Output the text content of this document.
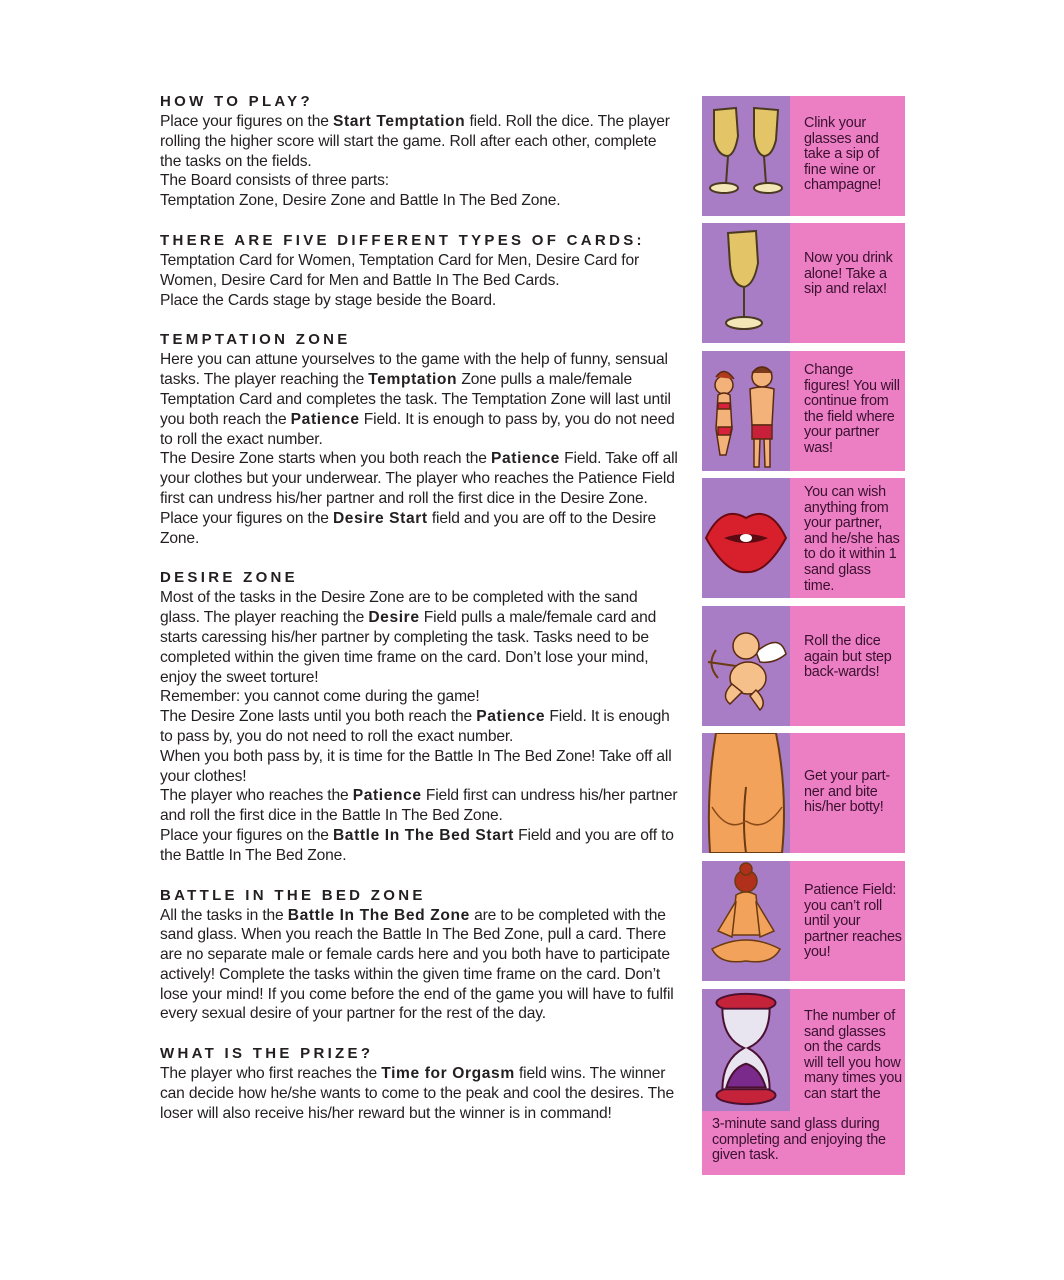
HOW TO PLAY?

Place your figures on the Start Temptation field. Roll the dice. The player rolling the higher score will start the game. Roll after each other, complete the tasks on the fields.

The Board consists of three parts:

Temptation Zone, Desire Zone and Battle In The Bed Zone.

THERE ARE FIVE DIFFERENT TYPES OF CARDS:

Temptation Card for Women, Temptation Card for Men, Desire Card for Women, Desire Card for Men and Battle In The Bed Cards.

Place the Cards stage by stage beside the Board.

TEMPTATION ZONE

Here you can attune yourselves to the game with the help of funny, sensual tasks. The player reaching the Temptation Zone pulls a male/female Temptation Card and completes the task. The Temptation Zone will last until you both reach the Patience Field. It is enough to pass by, you do not need to roll the exact number.

The Desire Zone starts when you both reach the Patience Field. Take off all your clothes but your underwear. The player who reaches the Patience Field first can undress his/her partner and roll the first dice in the Desire Zone.

Place your figures on the Desire Start field and you are off to the Desire Zone.

DESIRE ZONE

Most of the tasks in the Desire Zone are to be completed with the sand glass. The player reaching the Desire Field pulls a male/female card and starts caressing his/her partner by completing the task. Tasks need to be completed within the given time frame on the card. Don’t lose your mind, enjoy the sweet torture!

Remember: you cannot come during the game!

The Desire Zone lasts until you both reach the Patience Field. It is enough to pass by, you do not need to roll the exact number.

When you both pass by, it is time for the Battle In The Bed Zone! Take off all your clothes!

The player who reaches the Patience Field first can undress his/her partner and roll the first dice in the Battle In The Bed Zone.

Place your figures on the Battle In The Bed Start Field and you are off to the Battle In The Bed Zone.

BATTLE IN THE BED ZONE

All the tasks in the Battle In The Bed Zone are to be completed with the sand glass. When you reach the Battle In The Bed Zone, pull a card. There are no separate male or female cards here and you both have to participate actively! Complete the tasks within the given time frame on the card. Don’t lose your mind! If you come before the end of the game you will have to fulfil every sexual desire of your partner for the rest of the day.

WHAT IS THE PRIZE?

The player who first reaches the Time for Orgasm field wins. The winner can decide how he/she wants to come to the peak and cool the desires. The loser will also receive his/her reward but the winner is in command!

Clink your glasses and take a sip of fine wine or champagne!
Now you drink alone! Take a sip and relax!
Change figures! You will continue from the field where your partner was!
You can wish anything from your partner, and he/she has to do it within 1 sand glass time.
Roll the dice again but step back-wards!
Get your part-ner and bite his/her botty!
Patience Field: you can’t roll until your partner reaches you!
The number of sand glasses on the cards will tell you how many times you can start the
3-minute sand glass during completing and enjoying the given task.
